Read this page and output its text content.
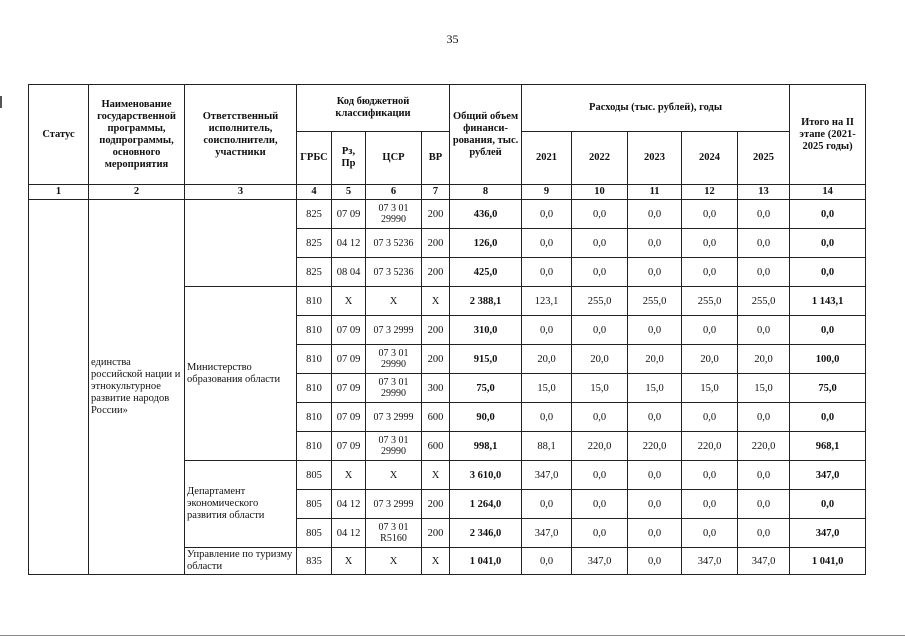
35
Статус	Наименование государственной программы, подпрограммы, основного мероприятия	Ответственный исполнитель, соисполнители, участники	Код бюджетной классификации				Общий объем финанси-рования, тыс. рублей	Расходы (тыс. рублей), годы					Итого на II этапе (2021-2025 годы)
			ГРБС	Рз, Пр	ЦСР	ВР		2021	2022	2023	2024	2025	
1	2	3	4	5	6	7	8	9	10	11	12	13	14
	единства российской нации и этнокультурное развитие народов России»		825	07 09	07 3 01 29990	200	436,0	0,0	0,0	0,0	0,0	0,0	0,0
			825	04 12	07 3 5236	200	126,0	0,0	0,0	0,0	0,0	0,0	0,0
			825	08 04	07 3 5236	200	425,0	0,0	0,0	0,0	0,0	0,0	0,0
		Министерство образования области	810	Х	Х	Х	2 388,1	123,1	255,0	255,0	255,0	255,0	1 143,1
			810	07 09	07 3 2999	200	310,0	0,0	0,0	0,0	0,0	0,0	0,0
			810	07 09	07 3 01 29990	200	915,0	20,0	20,0	20,0	20,0	20,0	100,0
			810	07 09	07 3 01 29990	300	75,0	15,0	15,0	15,0	15,0	15,0	75,0
			810	07 09	07 3 2999	600	90,0	0,0	0,0	0,0	0,0	0,0	0,0
			810	07 09	07 3 01 29990	600	998,1	88,1	220,0	220,0	220,0	220,0	968,1
		Департамент экономического развития области	805	Х	Х	Х	3 610,0	347,0	0,0	0,0	0,0	0,0	347,0
			805	04 12	07 3 2999	200	1 264,0	0,0	0,0	0,0	0,0	0,0	0,0
			805	04 12	07 3 01 R5160	200	2 346,0	347,0	0,0	0,0	0,0	0,0	347,0
		Управление по туризму области	835	Х	Х	Х	1 041,0	0,0	347,0	0,0	347,0	347,0	1 041,0
